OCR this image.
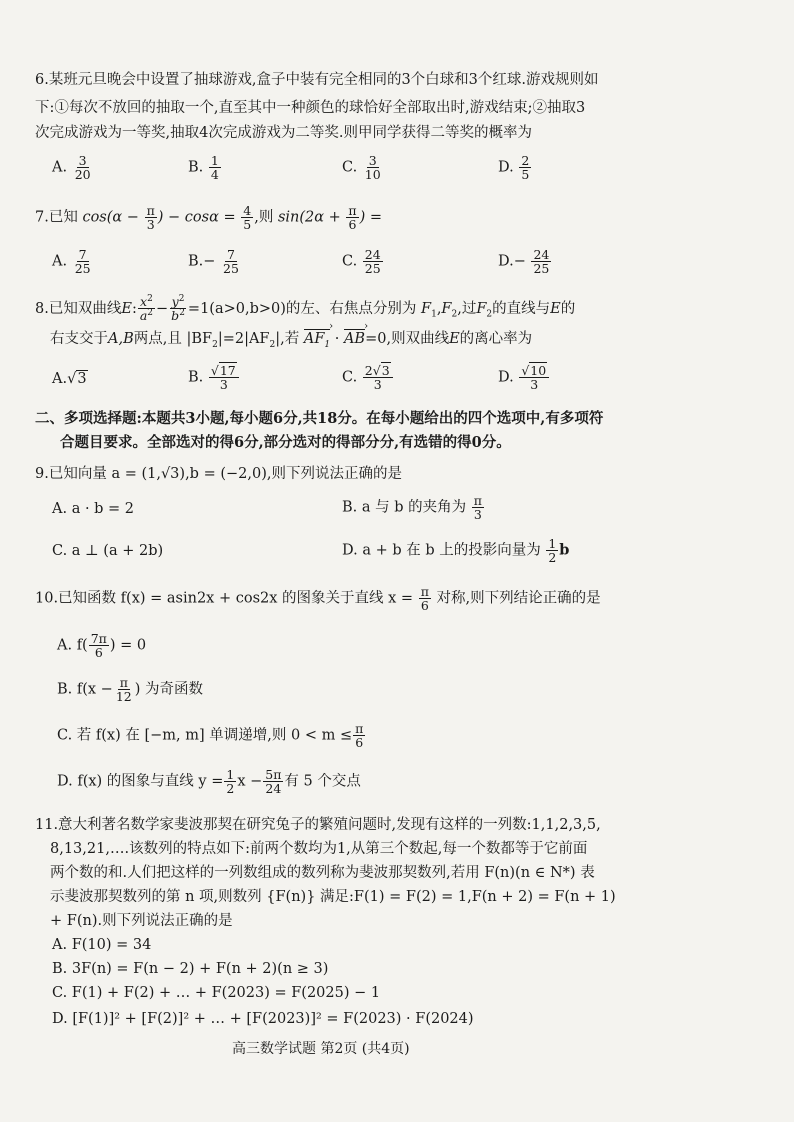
6.某班元旦晚会中设置了抽球游戏,盒子中装有完全相同的3个白球和3个红球.游戏规则如
下:①每次不放回的抽取一个,直至其中一种颜色的球恰好全部取出时,游戏结束;②抽取3
次完成游戏为一等奖,抽取4次完成游戏为二等奖.则甲同学获得二等奖的概率为
A. $\frac{3}{20}$	B. $\frac{1}{4}$	C. $\frac{3}{10}$	D. $\frac{2}{5}$
7.已知 $\cos(\alpha - \frac{\pi}{3}$ ) − $\cos\alpha = \frac{4}{5}$ ,则 $\sin(2\alpha + \frac{\pi}{6}$ ) =
A. $\frac{7}{25}$	$B.- \frac{7}{25}$	C. $\frac{24}{25}$	$D.- \frac{24}{25}$
8.已知双曲线E: $\frac{x^2}{a^2} - \frac{y^2}{b^2} =1(a>0,b>0)$的左、右焦点分别为 $F_1,F_2$,过$F_2$的直线与E的
右支交于A,B两点,且 $|BF_2|=2|AF_2|$,若 $AF_1$ › · AB ›=0,则双曲线E的离心率为
A.√3	B. $\frac{√17}{3}$	C. $\frac{2√3}{3}$	D. $\frac{√10}{3}$
二、多项选择题:本题共3小题,每小题6分,共18分。在每小题给出的四个选项中,有多项符
合题目要求。全部选对的得6分,部分选对的得部分分,有选错的得0分。
9.已知向量 a = (1,√3),b = (−2,0),则下列说法正确的是
A. a · b = 2	B. a 与 b 的夹角为 $\frac{\pi}{3}$
C. a ⊥ (a + 2b)	D. a + b 在 b 上的投影向量为 $\frac{1}{2}$ b
10.已知函数 f(x) = asin2x + cos2x 的图象关于直线 $x = \frac{\pi}{6}$ 对称,则下列结论正确的是
A. $f( \frac{7\pi}{6}$ ) = 0
B. $f(x - \frac{\pi}{12}$ ) 为奇函数
C. 若 f(x) 在 [−m, m] 单调递增,则 $0 < m \le \frac{\pi}{6}$
D. f(x) 的图象与直线 $y = \frac{1}{2}$ $x - \frac{5\pi}{24}$ 有 5 个交点
11.意大利著名数学家斐波那契在研究兔子的繁殖问题时,发现有这样的一列数:1,1,2,3,5,
8,13,21,….该数列的特点如下:前两个数均为1,从第三个数起,每一个数都等于它前面
两个数的和.人们把这样的一列数组成的数列称为斐波那契数列,若用 F(n)(n ∈ N*) 表
示斐波那契数列的第 n 项,则数列 {F(n)} 满足:F(1) = F(2) = 1,F(n + 2) = F(n + 1)
+ F(n).则下列说法正确的是
A. F(10) = 34
B. 3F(n) = F(n − 2) + F(n + 2)(n ≥ 3)
C. F(1) + F(2) + … + F(2023) = F(2025) − 1
D. [F(1)]² + [F(2)]² + … + [F(2023)]² = F(2023) · F(2024)
高三数学试题 第2页 (共4页)
